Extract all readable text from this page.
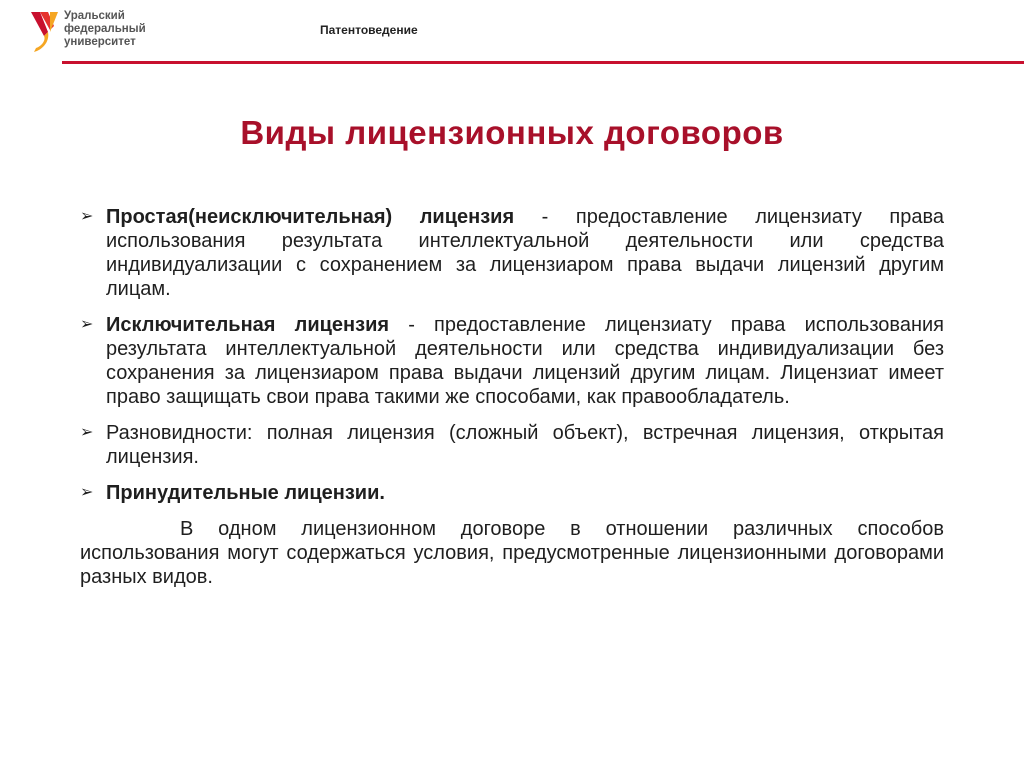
Уральский
федеральный
университет
Патентоведение
Виды лицензионных договоров
➢ Простая(неисключительная) лицензия - предоставление лицензиату права использования результата интеллектуальной деятельности или средства индивидуализации с сохранением за лицензиаром права выдачи лицензий другим лицам.
➢ Исключительная лицензия - предоставление лицензиату права использования результата интеллектуальной деятельности или средства индивидуализации без сохранения за лицензиаром права выдачи лицензий другим лицам. Лицензиат имеет право защищать свои права такими же способами, как правообладатель.
➢ Разновидности: полная лицензия (сложный объект), встречная лицензия, открытая лицензия.
➢ Принудительные лицензии.
В одном лицензионном договоре в отношении различных способов использования могут содержаться условия, предусмотренные лицензионными договорами разных видов.
